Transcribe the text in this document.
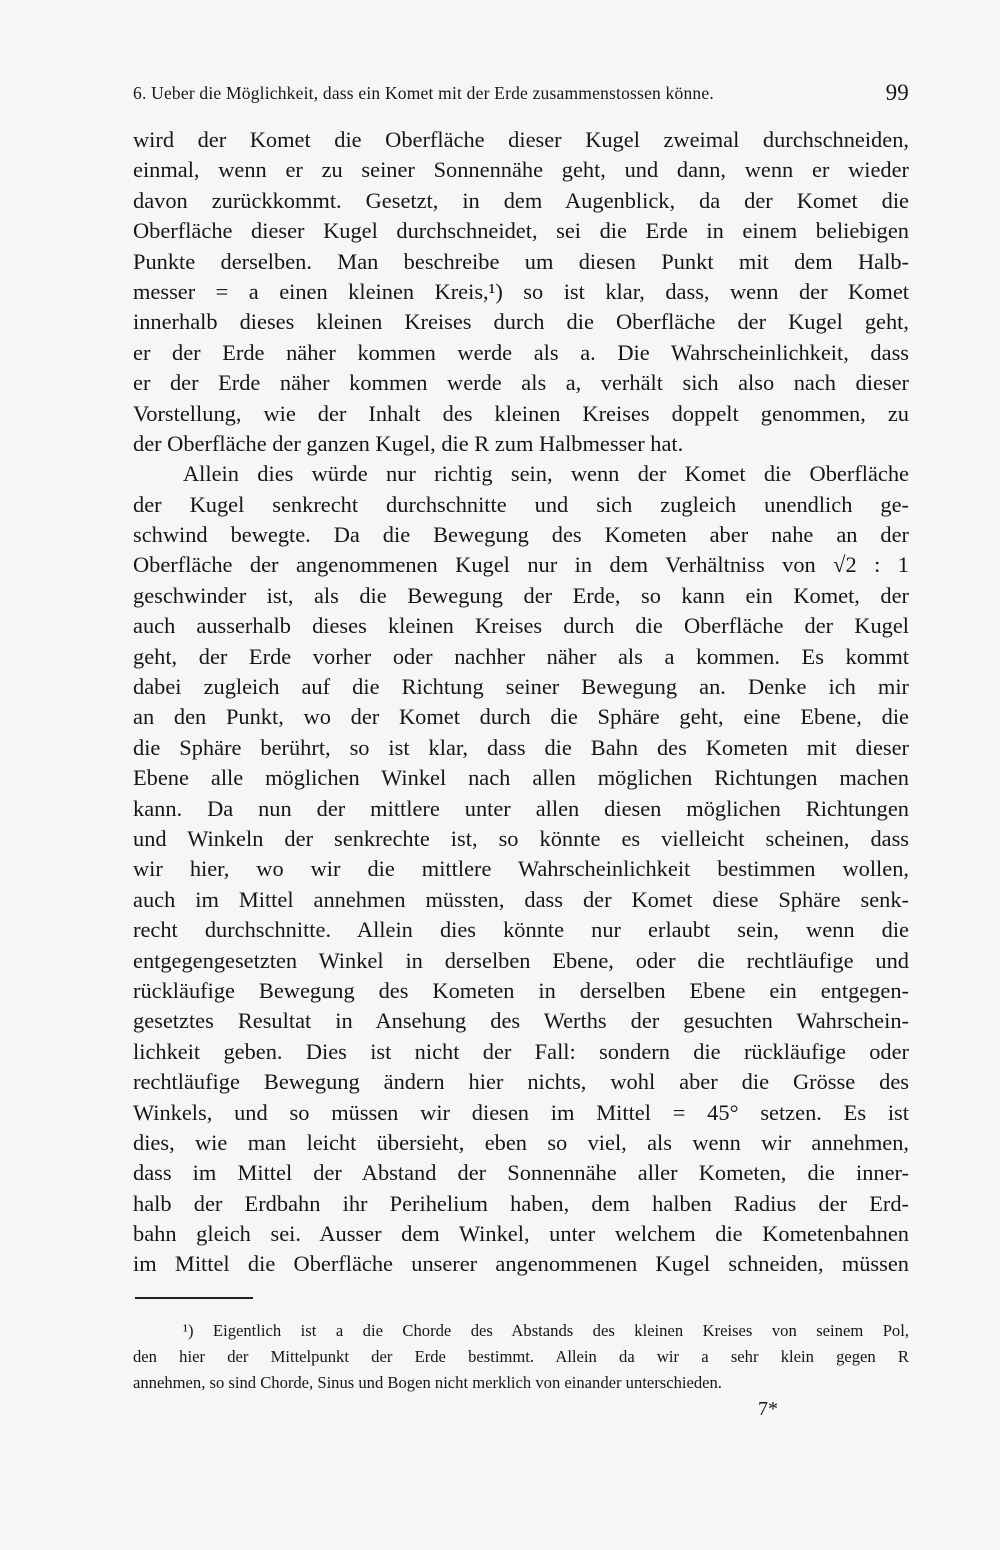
6. Ueber die Möglichkeit, dass ein Komet mit der Erde zusammenstossen könne.	99
wird der Komet die Oberfläche dieser Kugel zweimal durchschneiden,
einmal, wenn er zu seiner Sonnennähe geht, und dann, wenn er wieder
davon zurückkommt. Gesetzt, in dem Augenblick, da der Komet die
Oberfläche dieser Kugel durchschneidet, sei die Erde in einem beliebigen
Punkte derselben. Man beschreibe um diesen Punkt mit dem Halb-
messer = a einen kleinen Kreis,¹) so ist klar, dass, wenn der Komet
innerhalb dieses kleinen Kreises durch die Oberfläche der Kugel geht,
er der Erde näher kommen werde als a. Die Wahrscheinlichkeit, dass
er der Erde näher kommen werde als a, verhält sich also nach dieser
Vorstellung, wie der Inhalt des kleinen Kreises doppelt genommen, zu
der Oberfläche der ganzen Kugel, die R zum Halbmesser hat.
Allein dies würde nur richtig sein, wenn der Komet die Oberfläche
der Kugel senkrecht durchschnitte und sich zugleich unendlich ge-
schwind bewegte. Da die Bewegung des Kometen aber nahe an der
Oberfläche der angenommenen Kugel nur in dem Verhältniss von √2 : 1
geschwinder ist, als die Bewegung der Erde, so kann ein Komet, der
auch ausserhalb dieses kleinen Kreises durch die Oberfläche der Kugel
geht, der Erde vorher oder nachher näher als a kommen. Es kommt
dabei zugleich auf die Richtung seiner Bewegung an. Denke ich mir
an den Punkt, wo der Komet durch die Sphäre geht, eine Ebene, die
die Sphäre berührt, so ist klar, dass die Bahn des Kometen mit dieser
Ebene alle möglichen Winkel nach allen möglichen Richtungen machen
kann. Da nun der mittlere unter allen diesen möglichen Richtungen
und Winkeln der senkrechte ist, so könnte es vielleicht scheinen, dass
wir hier, wo wir die mittlere Wahrscheinlichkeit bestimmen wollen,
auch im Mittel annehmen müssten, dass der Komet diese Sphäre senk-
recht durchschnitte. Allein dies könnte nur erlaubt sein, wenn die
entgegengesetzten Winkel in derselben Ebene, oder die rechtläufige und
rückläufige Bewegung des Kometen in derselben Ebene ein entgegen-
gesetztes Resultat in Ansehung des Werths der gesuchten Wahrschein-
lichkeit geben. Dies ist nicht der Fall: sondern die rückläufige oder
rechtläufige Bewegung ändern hier nichts, wohl aber die Grösse des
Winkels, und so müssen wir diesen im Mittel = 45° setzen. Es ist
dies, wie man leicht übersieht, eben so viel, als wenn wir annehmen,
dass im Mittel der Abstand der Sonnennähe aller Kometen, die inner-
halb der Erdbahn ihr Perihelium haben, dem halben Radius der Erd-
bahn gleich sei. Ausser dem Winkel, unter welchem die Kometenbahnen
im Mittel die Oberfläche unserer angenommenen Kugel schneiden, müssen
¹) Eigentlich ist a die Chorde des Abstands des kleinen Kreises von seinem Pol,
den hier der Mittelpunkt der Erde bestimmt. Allein da wir a sehr klein gegen R
annehmen, so sind Chorde, Sinus und Bogen nicht merklich von einander unterschieden.
7*
